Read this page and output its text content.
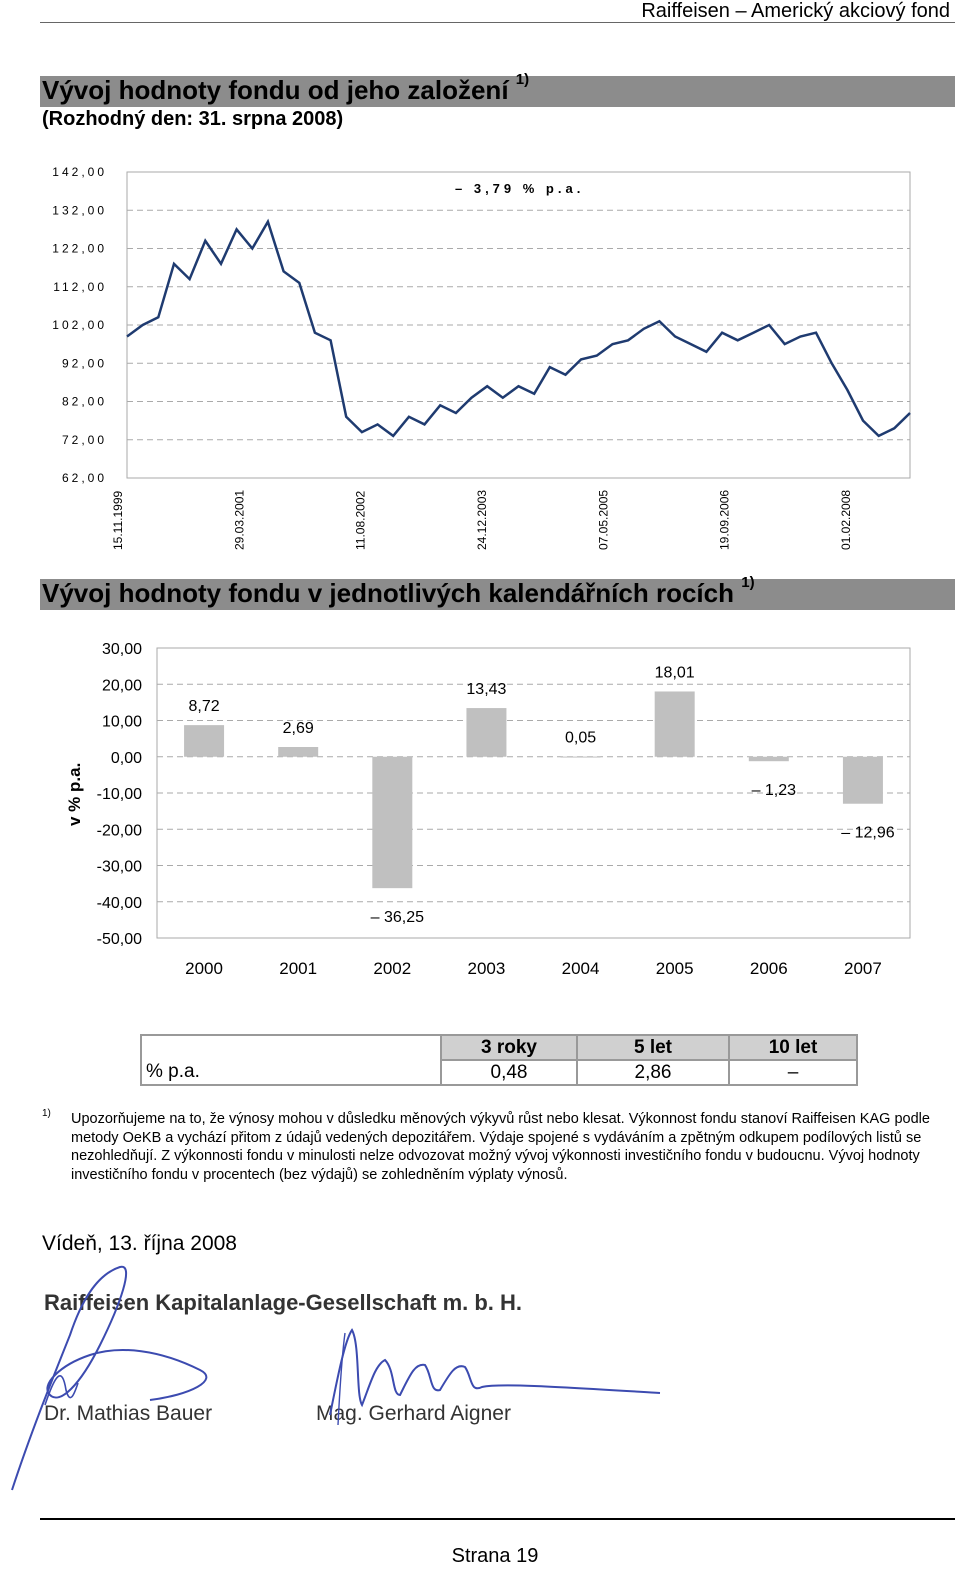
Raiffeisen – Americký akciový fond
Vývoj hodnoty fondu od jeho založení $^{1)}$
(Rozhodný den: 31. srpna 2008)
142,00
132,00
122,00
112,00
102,00
92,00
82,00
72,00
62,00
15.11.1999	29.03.2001	11.08.2002	24.12.2003	07.05.2005	19.09.2006	01.02.2008
– 3,79 % p.a.
Vývoj hodnoty fondu v jednotlivých kalendářních rocích $^{1)}$
30,00
20,00
10,00
0,00
-10,00
-20,00
-30,00
-40,00
-50,00
v % p.a.
8,72
2000
2,69
2001
– 36,25
2002
13,43
2003
0,05
2004
18,01
2005
– 1,23
2006
– 12,96
2007
	3 roky	5 let	10 let
% p.a.	0,48	2,86	–
1) Upozorňujeme na to, že výnosy mohou v důsledku měnových výkyvů růst nebo klesat. Výkonnost fondu stanoví Raiffeisen KAG podle metody OeKB a vychází přitom z údajů vedených depozitářem. Výdaje spojené s vydáváním a zpětným odkupem podílových listů se nezohledňují. Z výkonnosti fondu v minulosti nelze odvozovat možný vývoj výkonnosti investičního fondu v budoucnu. Vývoj hodnoty investičního fondu v procentech (bez výdajů) se zohledněním výplaty výnosů.
Vídeň, 13. října 2008
Raiffeisen Kapitalanlage-Gesellschaft m. b. H.
Dr. Mathias Bauer	Mag. Gerhard Aigner
Strana 19
